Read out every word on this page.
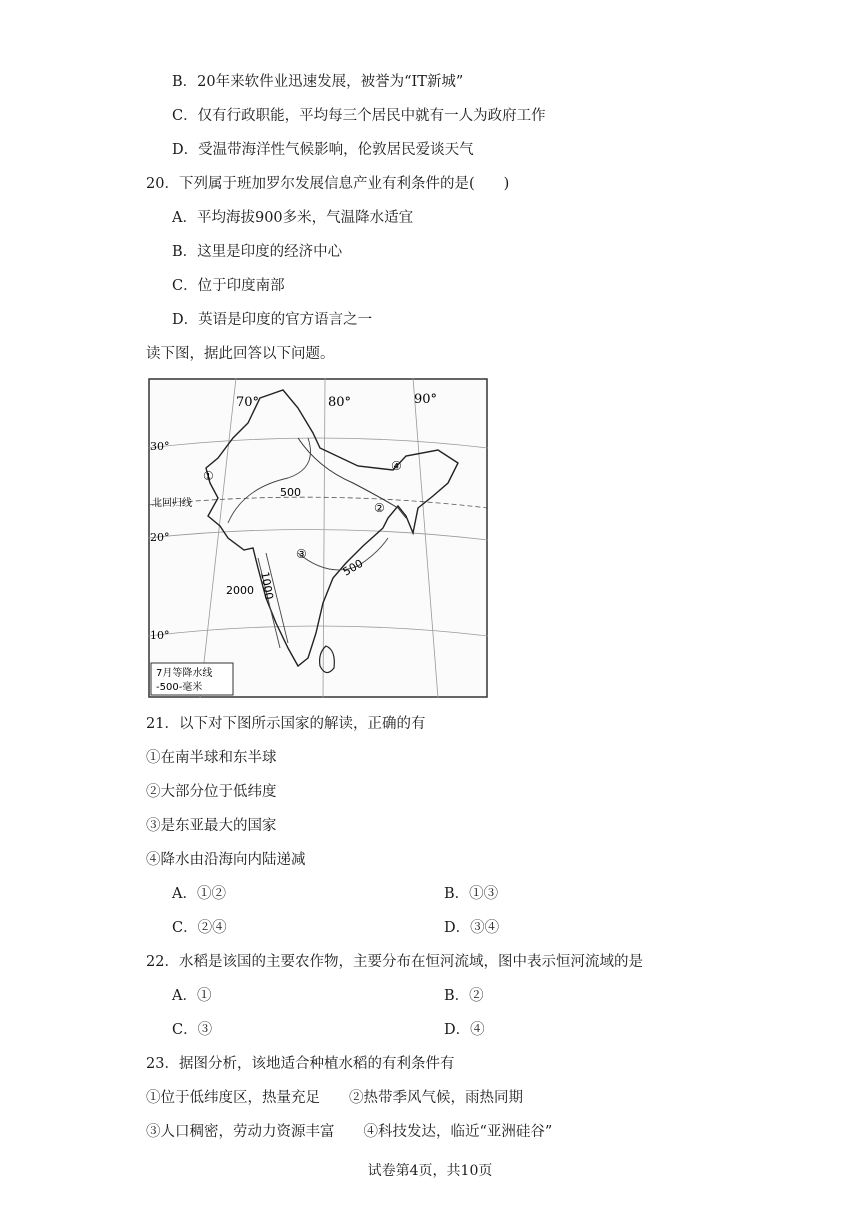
B．20年来软件业迅速发展，被誉为“IT新城”
C．仅有行政职能，平均每三个居民中就有一人为政府工作
D．受温带海洋性气候影响，伦敦居民爱谈天气
20．下列属于班加罗尔发展信息产业有利条件的是(　　)
A．平均海拔900多米，气温降水适宜
B．这里是印度的经济中心
C．位于印度南部
D．英语是印度的官方语言之一
读下图，据此回答以下问题。
70°	80°	90°
30°
20°
10°
北回归线
500
1000
2000
500
①
②
③
④
7月等降水线
-500-毫米
21．以下对下图所示国家的解读，正确的有
①在南半球和东半球
②大部分位于低纬度
③是东亚最大的国家
④降水由沿海向内陆递减
A．①②	B．①③
C．②④	D．③④
22．水稻是该国的主要农作物，主要分布在恒河流域，图中表示恒河流域的是
A．①	B．②
C．③	D．④
23．据图分析，该地适合种植水稻的有利条件有
①位于低纬度区，热量充足　　②热带季风气候，雨热同期
③人口稠密，劳动力资源丰富　　④科技发达，临近“亚洲硅谷”
试卷第4页，共10页
